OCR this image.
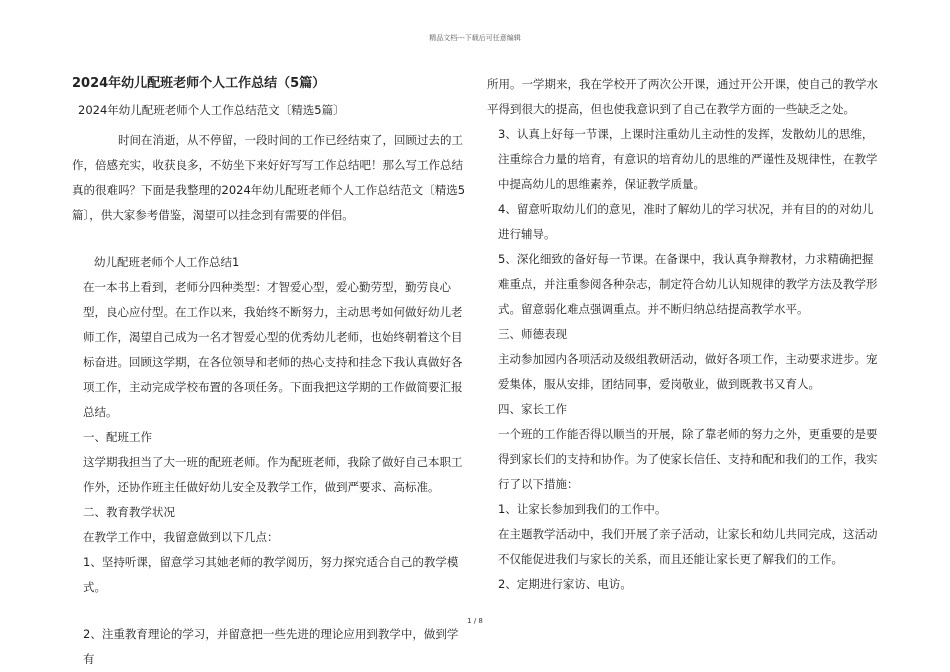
精品文档---下载后可任意编辑

2024年幼儿配班老师个人工作总结（5篇）

2024年幼儿配班老师个人工作总结范文〔精选5篇〕

时间在消逝，从不停留，一段时间的工作已经结束了，回顾过去的工作，倍感充实，收获良多，不妨坐下来好好写写工作总结吧！那么写工作总结真的很难吗？下面是我整理的2024年幼儿配班老师个人工作总结范文〔精选5篇〕，供大家参考借鉴，渴望可以挂念到有需要的伴侣。

幼儿配班老师个人工作总结1

在一本书上看到，老师分四种类型：才智爱心型，爱心勤劳型，勤劳良心型，良心应付型。在工作以来，我始终不断努力，主动思考如何做好幼儿老师工作，渴望自己成为一名才智爱心型的优秀幼儿老师，也始终朝着这个目标奋进。回顾这学期，在各位领导和老师的热心支持和挂念下我认真做好各项工作，主动完成学校布置的各项任务。下面我把这学期的工作做简要汇报总结。

一、配班工作

这学期我担当了大一班的配班老师。作为配班老师，我除了做好自己本职工作外，还协作班主任做好幼儿安全及教学工作，做到严要求、高标准。

二、教育教学状况

在教学工作中，我留意做到以下几点：

1、坚持听课，留意学习其她老师的教学阅历，努力探究适合自己的教学模式。

2、注重教育理论的学习，并留意把一些先进的理论应用到教学中，做到学有

所用。一学期来，我在学校开了两次公开课，通过开公开课，使自己的教学水平得到很大的提高，但也使我意识到了自己在教学方面的一些缺乏之处。

3、认真上好每一节课，上课时注重幼儿主动性的发挥，发散幼儿的思维，注重综合力量的培育，有意识的培育幼儿的思维的严谨性及规律性，在教学中提高幼儿的思维素养，保证教学质量。

4、留意听取幼儿们的意见，准时了解幼儿的学习状况，并有目的的对幼儿进行辅导。

5、深化细致的备好每一节课。在备课中，我认真争辩教材，力求精确把握难重点，并注重参阅各种杂志，制定符合幼儿认知规律的教学方法及教学形式。留意弱化难点强调重点。并不断归纳总结提高教学水平。

三、师德表现

主动参加园内各项活动及级组教研活动，做好各项工作，主动要求进步。宠爱集体，服从安排，团结同事，爱岗敬业，做到既教书又育人。

四、家长工作

一个班的工作能否得以顺当的开展，除了靠老师的努力之外，更重要的是要得到家长们的支持和协作。为了使家长信任、支持和配和我们的工作，我实行了以下措施：

1、让家长参加到我们的工作中。

在主题教学活动中，我们开展了亲子活动，让家长和幼儿共同完成，这活动不仅能促进我们与家长的关系，而且还能让家长更了解我们的工作。

2、定期进行家访、电访。

1 / 8
